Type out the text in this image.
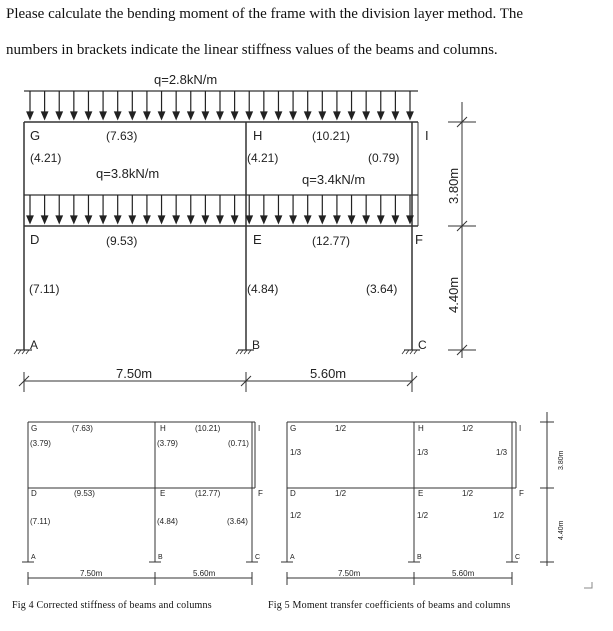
Please calculate the bending moment of the frame with the division layer method. The
numbers in brackets indicate the linear stiffness values of the beams and columns.
q=2.8kN/m
q=3.8kN/m	q=3.4kN/m
G	H	I
D	E	F
A	B	C
(7.63)	(10.21)
(4.21)	(4.21)	(0.79)
(9.53)	(12.77)
(7.11)	(4.84)	(3.64)
7.50m	5.60m
3.80m
4.40m
G	H	I
D	E	F
A	B	C
(7.63)	(10.21)
(3.79)	(3.79)	(0.71)
(9.53)	(12.77)
(7.11)	(4.84)	(3.64)
7.50m	5.60m
G	H	I
D	E	F
A	B	C
1/2	1/2
1/3	1/3	1/3
1/2	1/2
1/2	1/2	1/2
7.50m	5.60m
3.80m
4.40m
Fig 4 Corrected stiffness of beams and columns	Fig 5 Moment transfer coefficients of beams and columns
